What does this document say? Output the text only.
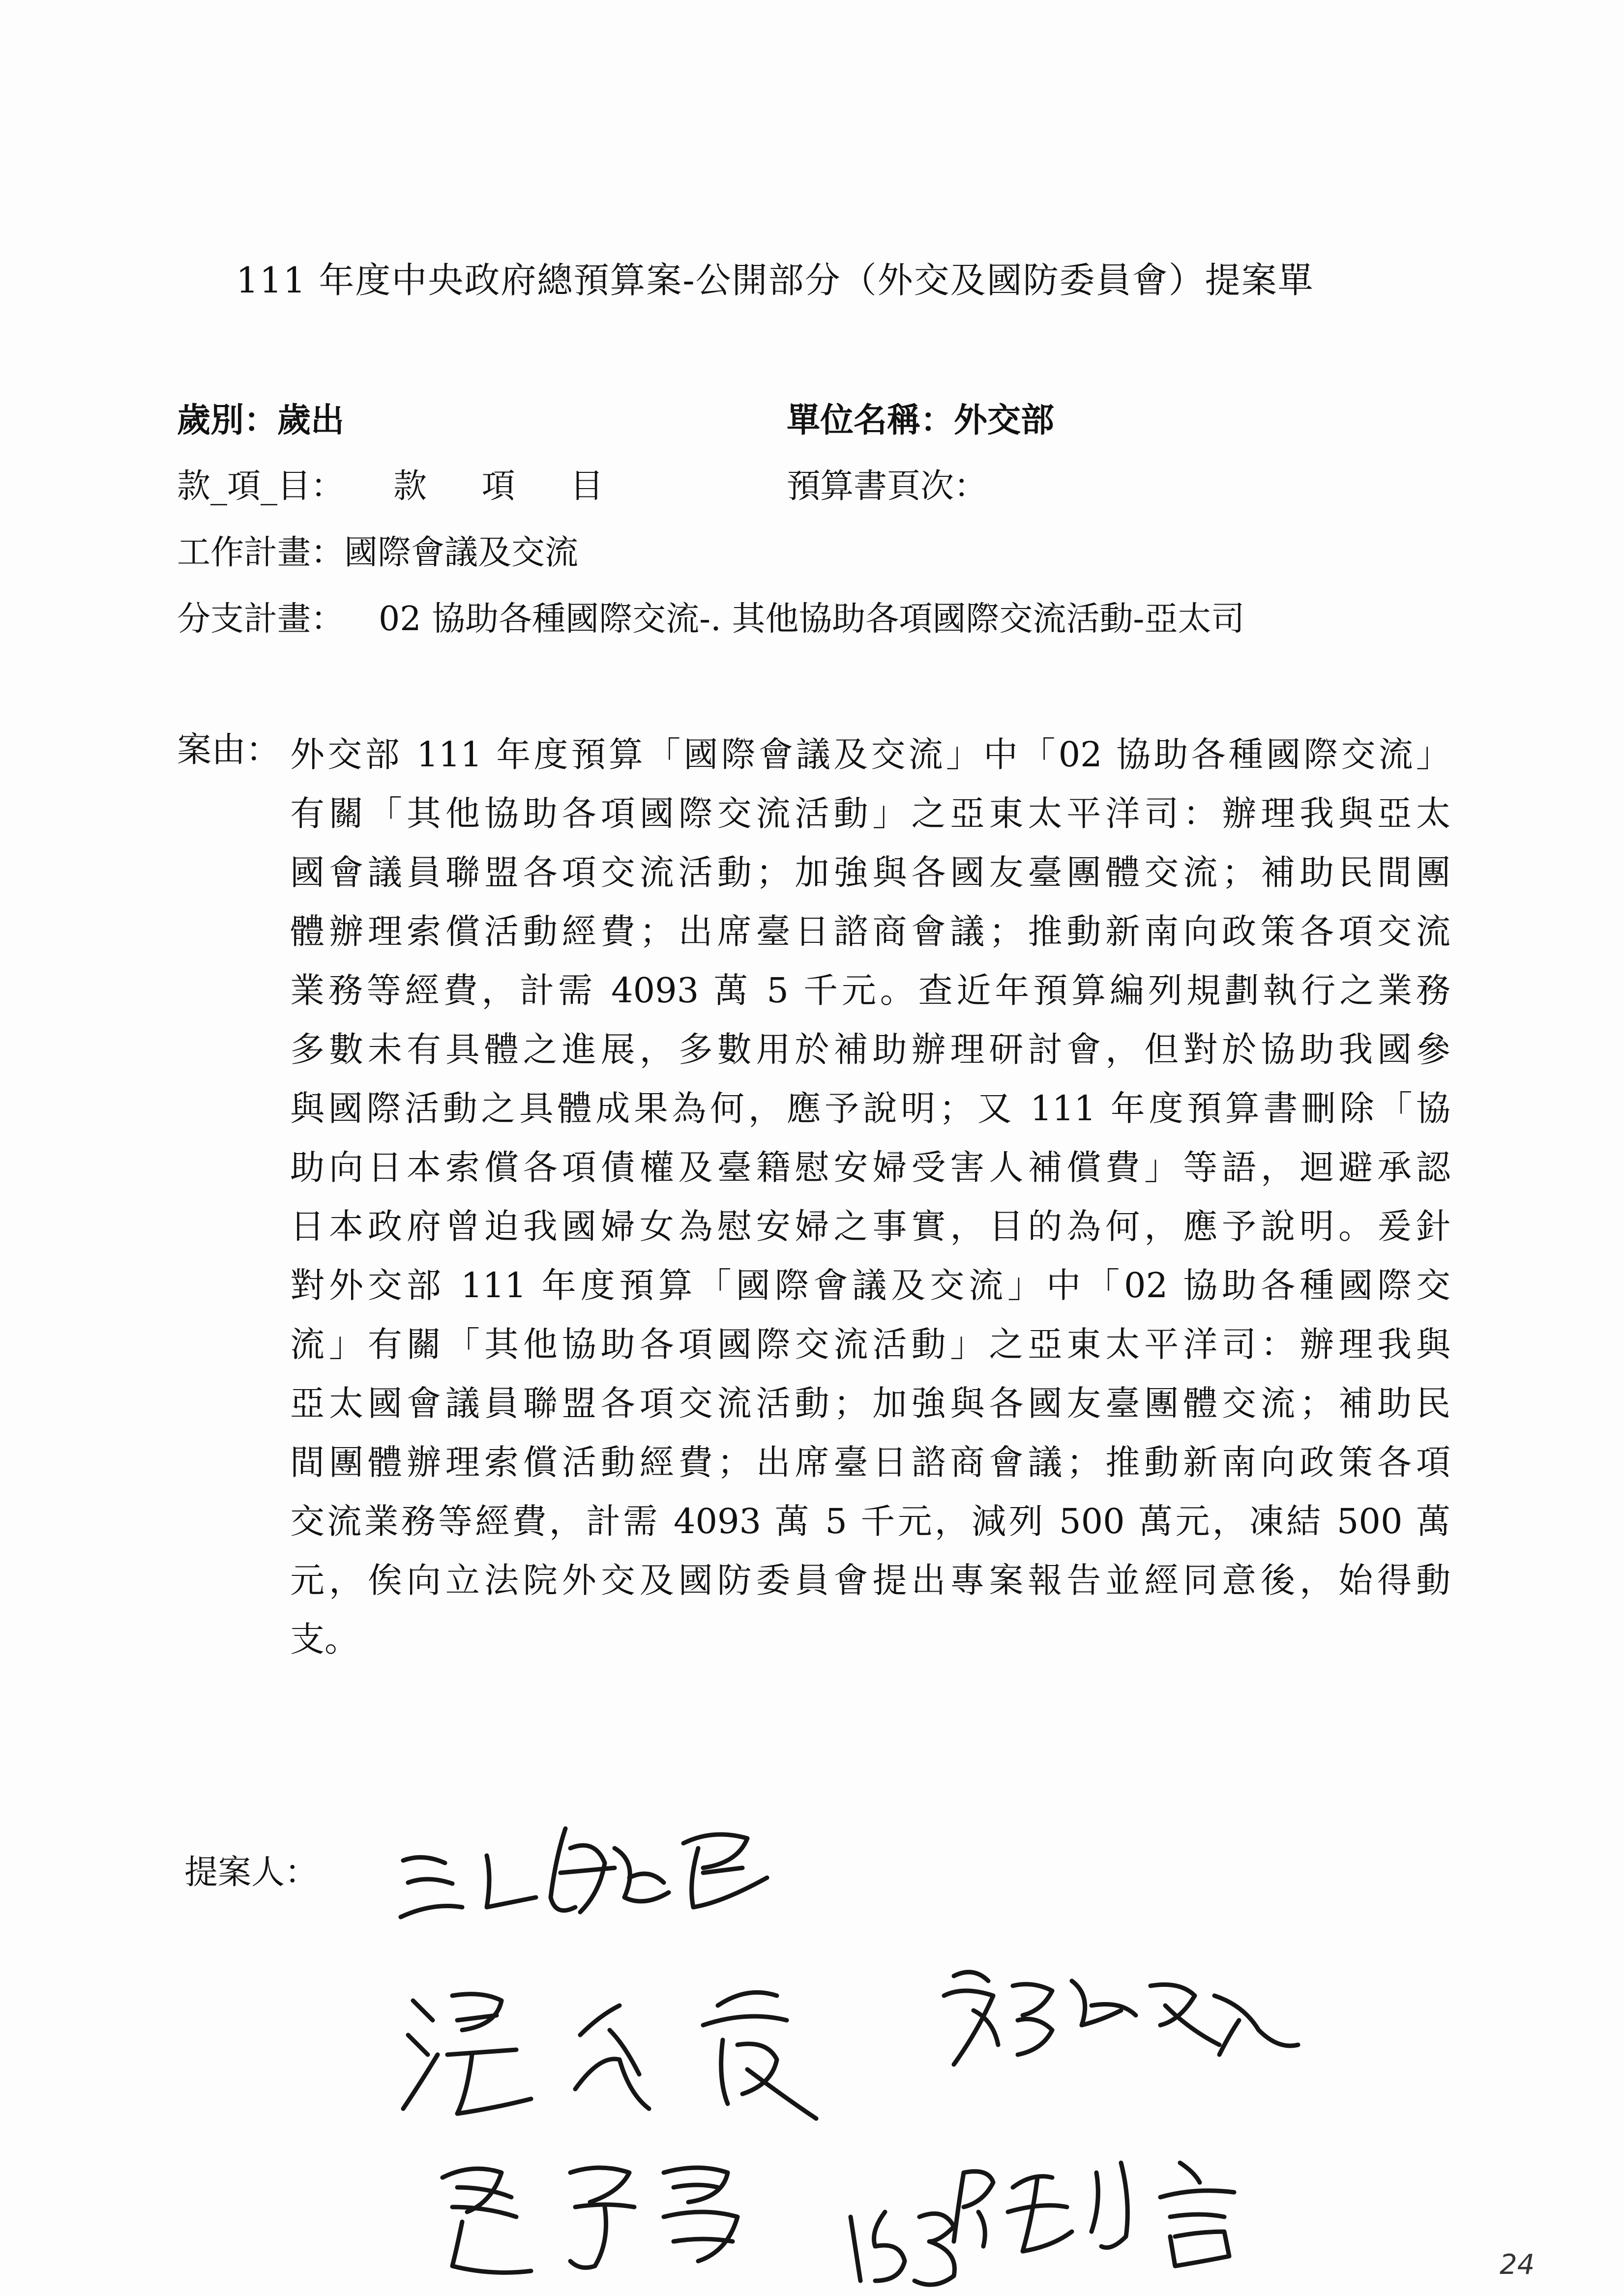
111 年度中央政府總預算案-公開部分（外交及國防委員會）提案單
歲別：歲出	單位名稱：外交部
款_項_目： 款 項 目	預算書頁次：
工作計畫：國際會議及交流
分支計畫： 02 協助各種國際交流-. 其他協助各項國際交流活動-亞太司
案由： 外交部 111 年度預算「國際會議及交流」中「02 協助各種國際交流」
有關「其他協助各項國際交流活動」之亞東太平洋司：辦理我與亞太
國會議員聯盟各項交流活動；加強與各國友臺團體交流；補助民間團
體辦理索償活動經費；出席臺日諮商會議；推動新南向政策各項交流
業務等經費，計需 4093 萬 5 千元。查近年預算編列規劃執行之業務
多數未有具體之進展，多數用於補助辦理研討會，但對於協助我國參
與國際活動之具體成果為何，應予說明；又 111 年度預算書刪除「協
助向日本索償各項債權及臺籍慰安婦受害人補償費」等語，迴避承認
日本政府曾迫我國婦女為慰安婦之事實，目的為何，應予說明。爰針
對外交部 111 年度預算「國際會議及交流」中「02 協助各種國際交
流」有關「其他協助各項國際交流活動」之亞東太平洋司：辦理我與
亞太國會議員聯盟各項交流活動；加強與各國友臺團體交流；補助民
間團體辦理索償活動經費；出席臺日諮商會議；推動新南向政策各項
交流業務等經費，計需 4093 萬 5 千元，減列 500 萬元，凍結 500 萬
元，俟向立法院外交及國防委員會提出專案報告並經同意後，始得動
支。
提案人：
24
